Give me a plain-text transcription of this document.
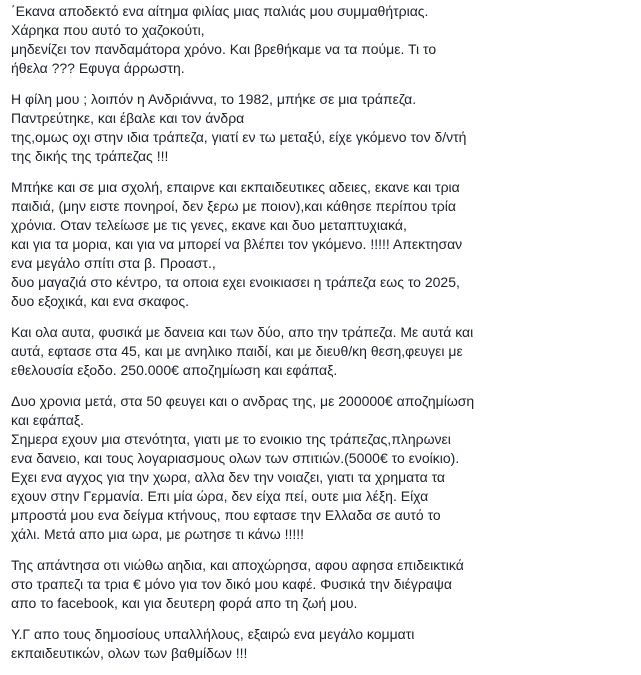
΄Εκανα αποδεκτό ενα αίτημα φιλίας μιας παλιάς μου συμμαθήτριας.
Χάρηκα που αυτό το χαζοκούτι,
μηδενίζει τον πανδαμάτορα χρόνο. Και βρεθήκαμε να τα πούμε. Τι το
ήθελα ??? Εφυγα άρρωστη.

Η φίλη μου ; λοιπόν η Ανδριάννα, το 1982, μπήκε σε μια τράπεζα.
Παντρεύτηκε, και έβαλε και τον άνδρα
της,ομως οχι στην ιδια τράπεζα, γιατί εν τω μεταξύ, είχε γκόμενο τον δ/ντή
της δικής της τράπεζας !!!

Μπήκε και σε μια σχολή, επαιρνε και εκπαιδευτικες αδειες, εκανε και τρια
παιδιά, (μην ειστε πονηροί, δεν ξερω με ποιον),και κάθησε περίπου τρία
χρόνια. Οταν τελείωσε με τις γενες, εκανε και δυο μεταπτυχιακά,
και για τα μορια, και για να μπορεί να βλέπει τον γκόμενο. !!!!! Απεκτησαν
ενα μεγάλο σπίτι στα β. Προαστ.,
δυο μαγαζιά στο κέντρο, τα οποια εχει ενοικιασει η τράπεζα εως το 2025,
δυο εξοχικά, και ενα σκαφος.

Και ολα αυτα, φυσικά με δανεια και των δύο, απο την τράπεζα. Με αυτά και
αυτά, εφτασε στα 45, και με ανηλικο παιδί, και με διευθ/κη θεση,φευγει με
εθελουσία εξοδο. 250.000€ αποζημίωση και εφάπαξ.

Δυο χρονια μετά, στα 50 φευγει και ο ανδρας της, με 200000€ αποζημίωση
και εφάπαξ.
Σημερα εχουν μια στενότητα, γιατι με το ενοικιο της τράπεζας,πληρωνει
ενα δανειο, και τους λογαριασμους ολων των σπιτιών.(5000€ το ενοίκιο).
Εχει ενα αγχος για την χωρα, αλλα δεν την νοιαζει, γιατι τα χρηματα τα
εχουν στην Γερμανία. Επι μία ώρα, δεν είχα πεί, ουτε μια λέξη. Είχα
μπροστά μου ενα δείγμα κτήνους, που εφτασε την Ελλαδα σε αυτό το
χάλι. Μετά απο μια ωρα, με ρωτησε τι κάνω !!!!!

Της απάντησα οτι νιώθω αηδια, και αποχώρησα, αφου αφησα επιδεικτικά
στο τραπεζι τα τρια € μόνο για τον δικό μου καφέ. Φυσικά την διέγραψα
απο το facebook, και για δευτερη φορά απο τη ζωή μου.

Υ.Γ απο τους δημοσίους υπαλλήλους, εξαιρώ ενα μεγάλο κομματι
εκπαιδευτικών, ολων των βαθμίδων !!!
